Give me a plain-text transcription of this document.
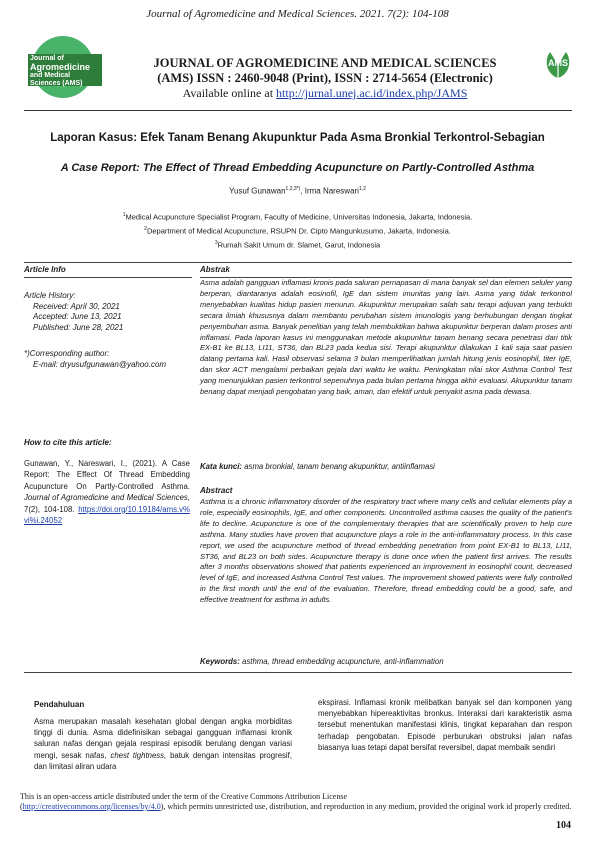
Journal of Agromedicine and Medical Sciences. 2021. 7(2): 104-108
Journal of
Agromedicine
and Medical
Sciences (AMS)
AMS
JOURNAL OF AGROMEDICINE AND MEDICAL SCIENCES
(AMS) ISSN : 2460-9048 (Print), ISSN : 2714-5654 (Electronic)
Available online at http://jurnal.unej.ac.id/index.php/JAMS
Laporan Kasus: Efek Tanam Benang Akupunktur Pada Asma Bronkial Terkontrol-Sebagian
A Case Report: The Effect of Thread Embedding Acupuncture on Partly-Controlled Asthma
Yusuf Gunawan$^{1,2,3*)}$, Irma Nareswari$^{1,2}$
$^1$Medical Acupuncture Specialist Program, Faculty of Medicine, Universitas Indonesia, Jakarta, Indonesia.
$^2$Department of Medical Acupuncture, RSUPN Dr. Cipto Mangunkusumo, Jakarta, Indonesia.
$^3$Rumah Sakit Umum dr. Slamet, Garut, Indonesia
Article Info
Article History:
Received: April 30, 2021
Accepted: June 13, 2021
Published: June 28, 2021
*)Corresponding author:
E-mail: dryusufgunawan@yahoo.com
How to cite this article:
Gunawan, Y., Nareswari, I., (2021). A Case Report: The Effect Of Thread Embedding Acupuncture On Partly-Controlled Asthma. Journal of Agromedicine and Medical Sciences, 7(2), 104-108. https://doi.org/10.19184/ams.v%vi%i.24052
Abstrak
Asma adalah gangguan inflamasi kronis pada saluran pernapasan di mana banyak sel dan elemen seluler yang berperan, diantaranya adalah eosinofil, IgE dan sistem imunitas yang lain. Asma yang tidak terkontrol menyebabkan kualitas hidup pasien menurun. Akupunktur merupakan salah satu terapi adjuvan yang terbukti secara ilmiah khususnya dalam membantu perubahan sistem imunologis yang berhubungan dengan tingkat penyembuhan asma. Banyak penelitian yang telah membuktikan bahwa akupunktur berperan dalam proses anti inflamasi. Pada laporan kasus ini menggunakan metode akupunktur tanam benang secara penetrasi dari titik EX-B1 ke BL13, LI11, ST36, dan BL23 pada kedua sisi. Terapi akupunktur dilakukan 1 kali saja saat pasien datang pertama kali. Hasil observasi selama 3 bulan memperlihatkan jumlah hitung jenis eosinophil, titer IgE, dan skor ACT mengalami perbaikan gejala dari waktu ke waktu. Peningkatan nilai skor Asthma Control Test yang menunjukkan pasien terkontrol sepenuhnya pada bulan pertama hingga akhir evaluasi. Akupunktur tanam benang dapat menjadi pengobatan yang baik, aman, dan efektif untuk penyakit asma pada dewasa.
Kata kunci: asma bronkial, tanam benang akupunktur, antiinflamasi
Abstract
Asthma is a chronic inflammatory disorder of the respiratory tract where many cells and cellular elements play a role, especially eosinophils, IgE, and other components. Uncontrolled asthma causes the quality of the patient's life to decline. Acupuncture is one of the complementary therapies that are scientifically proven to help cure asthma. Many studies have proven that acupuncture plays a role in the anti-inflammatory process. In this case report, we used the acupuncture method of thread embedding penetration from point EX-B1 to BL13, LI11, ST36, and BL23 on both sides. Acupuncture therapy is done once when the patient first arrives. The results after 3 months observations showed that patients experienced an improvement in eosinophil count, decreased level of IgE, and increased Asthma Control Test values. The improvement showed patients were fully controlled in the first month until the end of the evaluation. Therefore, thread embedding could be a good, safe, and effective treatment for asthma in adults.
Keywords: asthma, thread embedding acupuncture, anti-inflammation
Pendahuluan
Asma merupakan masalah kesehatan global dengan angka morbiditas tinggi di dunia. Asma didefinisikan sebagai gangguan inflamasi kronik saluran nafas dengan gejala respirasi episodik berulang dengan variasi mengi, sesak nafas, chest tightness, batuk dengan intensitas progresif, dan limitasi aliran udara
ekspirasi. Inflamasi kronik melibatkan banyak sel dan komponen yang menyebabkan hipereaktivitas bronkus. Interaksi dari karakteristik asma tersebut menentukan manifestasi klinis, tingkat keparahan dan respon terhadap pengobatan. Episode perburukan obstruksi jalan nafas biasanya luas tetapi dapat bersifat reversibel, dapat membaik sendiri
This is an open-access article distributed under the term of the Creative Commons Attribution License
(http://creativecommons.org/licenses/by/4.0), which permits unrestricted use, distribution, and reproduction in any medium, provided the original work id properly credited.
104
